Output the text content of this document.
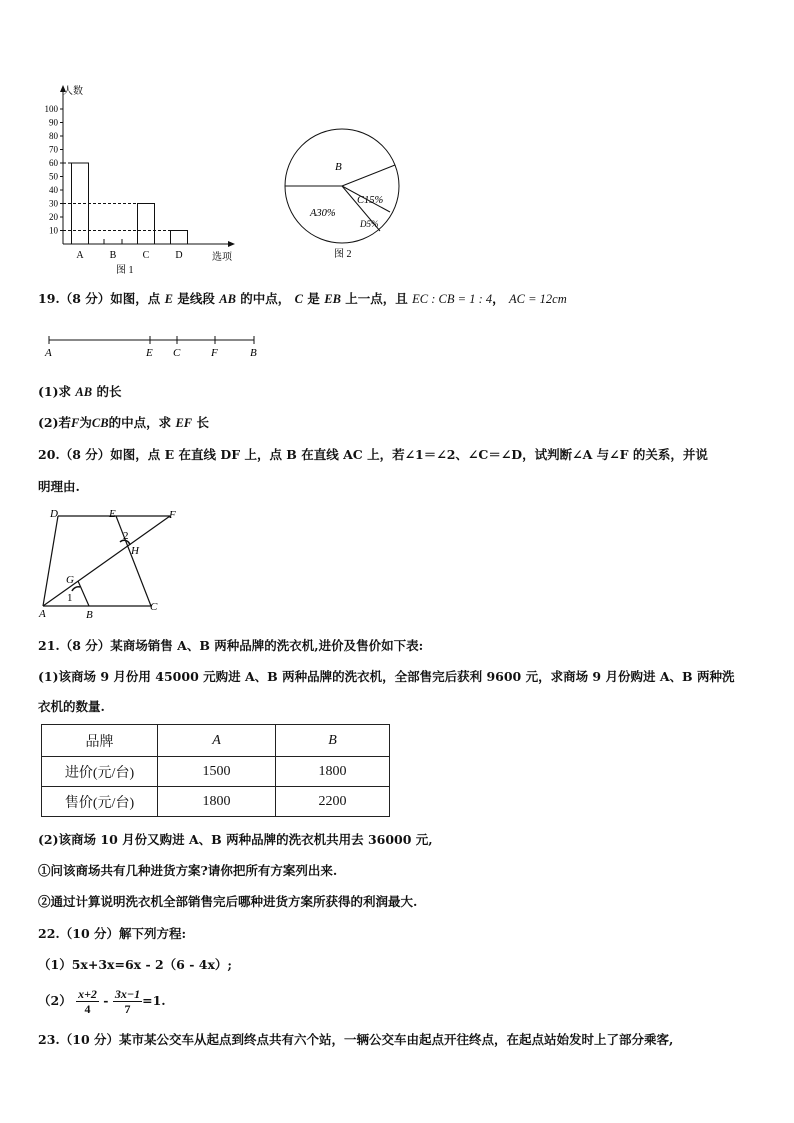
10
20
30
40
50
60
70
80
90
100
A	B	C	D
人数
选项
图 1
B
C15%
A30%
D5%
图 2
19.（8 分）如图，点 E 是线段 AB 的中点， C 是 EB 上一点，且 EC : CB = 1 : 4， AC = 12cm
A	E C	F	B
(1)求 AB 的长
(2)若F为CB的中点，求 EF 长
20.（8 分）如图，点 E 在直线 DF 上，点 B 在直线 AC 上，若∠1＝∠2、∠C＝∠D，试判断∠A 与∠F 的关系，并说
明理由.
D	E	F
H
G
A	B
C
1
2
21.（8 分）某商场销售 A、B 两种品牌的洗衣机,进价及售价如下表:
(1)该商场 9 月份用 45000 元购进 A、B 两种品牌的洗衣机，全部售完后获利 9600 元，求商场 9 月份购进 A、B 两种洗
衣机的数量.
品牌	A	B
进价(元/台)	1500	1800
售价(元/台)	1800	2200
(2)该商场 10 月份又购进 A、B 两种品牌的洗衣机共用去 36000 元,
①问该商场共有几种进货方案?请你把所有方案列出来.
②通过计算说明洗衣机全部销售完后哪种进货方案所获得的利润最大.
22.（10 分）解下列方程:
（1）5x+3x=6x - 2（6 - 4x）;
$(2) \frac{x+2}{4} - \frac{3x-1}{7} =1$.
23.（10 分）某市某公交车从起点到终点共有六个站，一辆公交车由起点开往终点，在起点站始发时上了部分乘客,
